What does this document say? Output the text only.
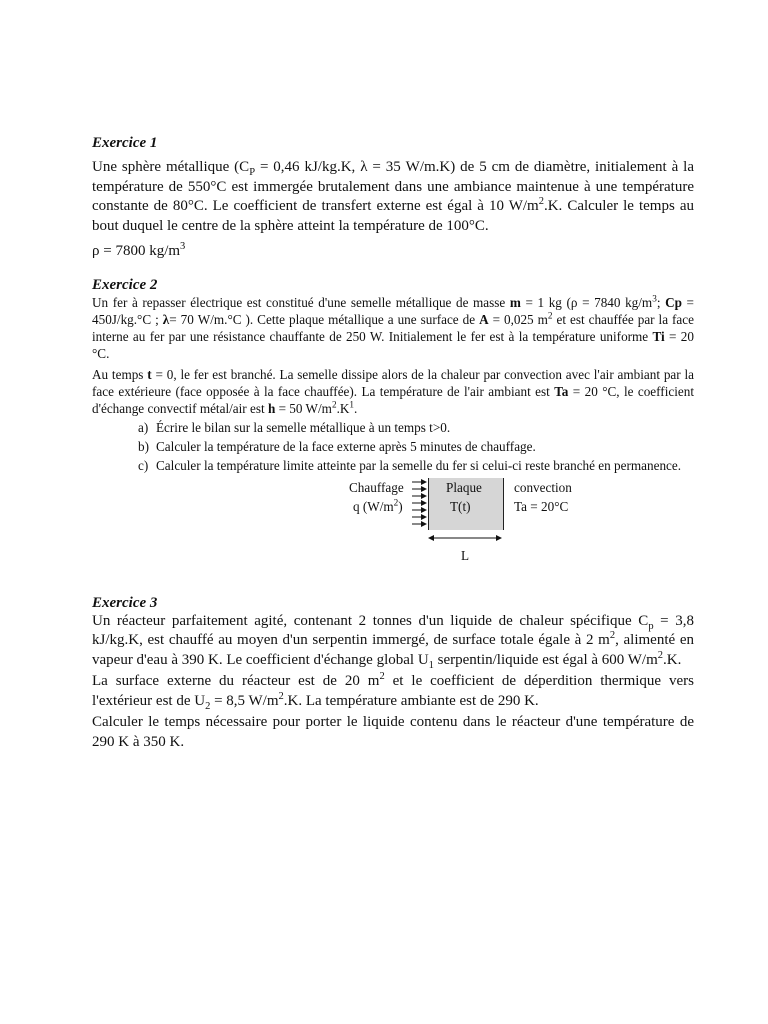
Exercice 1

Une sphère métallique ($C_P = 0,46$ kJ/kg.K, λ = 35 W/m.K) de 5 cm de diamètre, initialement à la température de 550°C est immergée brutalement dans une ambiance maintenue à une température constante de 80°C. Le coefficient de transfert externe est égal à 10 $W/m^2.K$. Calculer le temps au bout duquel le centre de la sphère atteint la température de 100°C.

ρ = 7800 $kg/m^3$

Exercice 2

Un fer à repasser électrique est constitué d'une semelle métallique de masse m = 1 kg (ρ = 7840 $kg/m^3$; Cp = 450J/kg.°C ; λ= 70 W/m.°C ). Cette plaque métallique a une surface de A = 0,025 $m^2$ et est chauffée par la face interne au fer par une résistance chauffante de 250 W. Initialement le fer est à la température uniforme Ti = 20 °C.

Au temps t = 0, le fer est branché. La semelle dissipe alors de la chaleur par convection avec l'air ambiant par la face extérieure (face opposée à la face chauffée). La température de l'air ambiant est Ta = 20 °C, le coefficient d'échange convectif métal/air est h = 50 $W/m^2.K^1$.

a) Écrire le bilan sur la semelle métallique à un temps t>0.
b) Calculer la température de la face externe après 5 minutes de chauffage.
c) Calculer la température limite atteinte par la semelle du fer si celui-ci reste branché en permanence.
Chauffage
q $(W/m^2)$
Plaque
T(t)
convection
Ta = 20°C
L
Exercice 3

Un réacteur parfaitement agité, contenant 2 tonnes d'un liquide de chaleur spécifique $C_p = 3,8$ kJ/kg.K, est chauffé au moyen d'un serpentin immergé, de surface totale égale à 2 $m^2$, alimenté en vapeur d'eau à 390 K. Le coefficient d'échange global $U_1$ serpentin/liquide est égal à 600 $W/m^2.K$.

La surface externe du réacteur est de 20 $m^2$ et le coefficient de déperdition thermique vers l'extérieur est de $U_2 = 8,5$ $W/m^2.K$. La température ambiante est de 290 K.

Calculer le temps nécessaire pour porter le liquide contenu dans le réacteur d'une température de 290 K à 350 K.
